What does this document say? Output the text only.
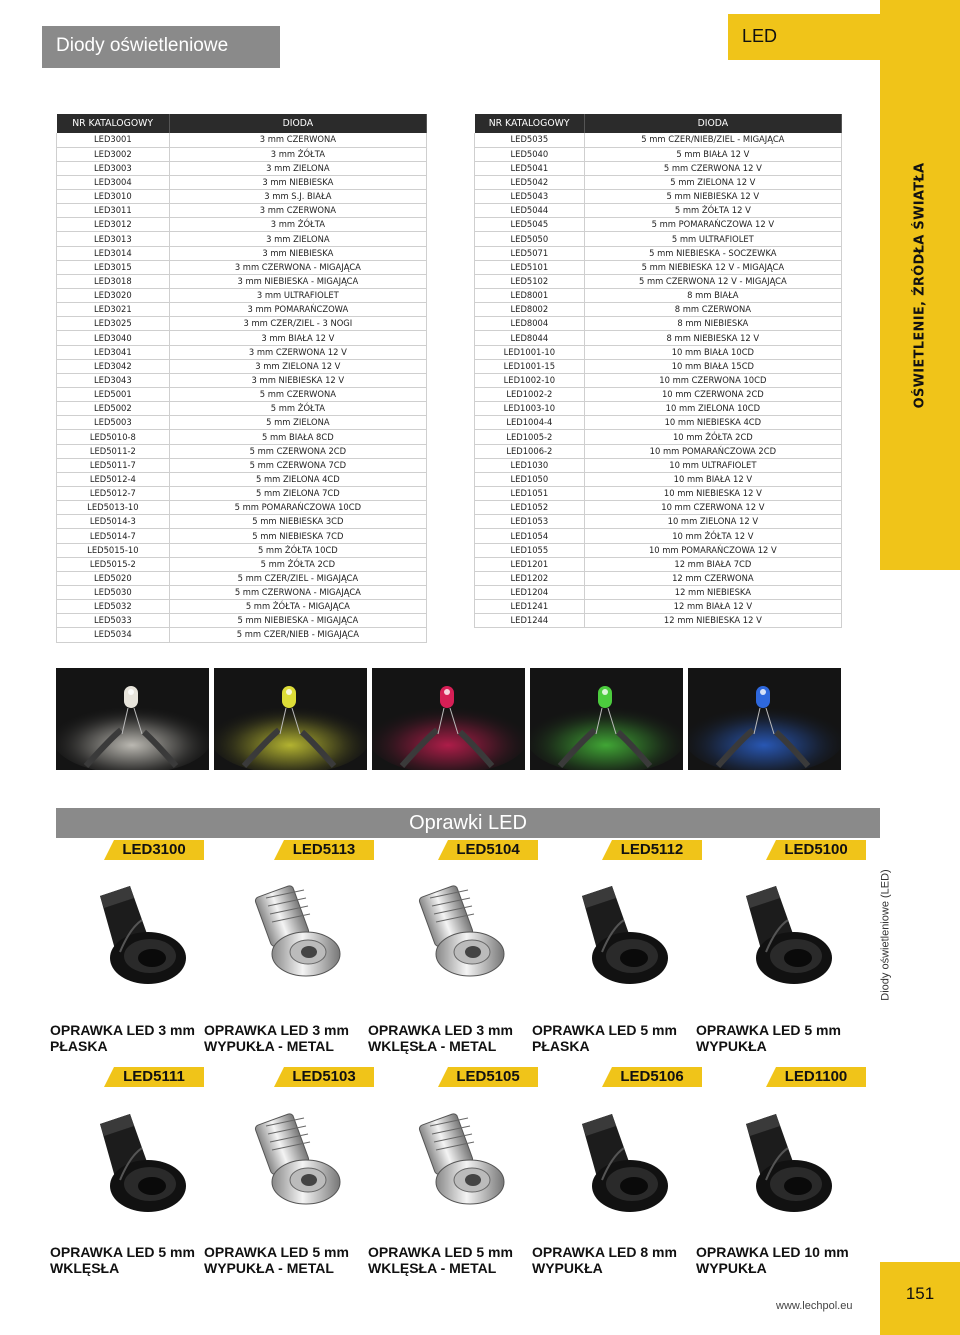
Diody oświetleniowe	LED
OŚWIETLENIE, ŹRÓDŁA ŚWIATŁA
NR KATALOGOWY	DIODA
LED3001	3 mm CZERWONA
LED3002	3 mm ŻÓŁTA
LED3003	3 mm ZIELONA
LED3004	3 mm NIEBIESKA
LED3010	3 mm S.J. BIAŁA
LED3011	3 mm CZERWONA
LED3012	3 mm ŻÓŁTA
LED3013	3 mm ZIELONA
LED3014	3 mm NIEBIESKA
LED3015	3 mm CZERWONA - MIGAJĄCA
LED3018	3 mm NIEBIESKA - MIGAJĄCA
LED3020	3 mm ULTRAFIOLET
LED3021	3 mm POMARAŃCZOWA
LED3025	3 mm CZER/ZIEL - 3 NOGI
LED3040	3 mm BIAŁA 12 V
LED3041	3 mm CZERWONA 12 V
LED3042	3 mm ZIELONA 12 V
LED3043	3 mm NIEBIESKA 12 V
LED5001	5 mm CZERWONA
LED5002	5 mm ŻÓŁTA
LED5003	5 mm ZIELONA
LED5010-8	5 mm BIAŁA 8CD
LED5011-2	5 mm CZERWONA 2CD
LED5011-7	5 mm CZERWONA 7CD
LED5012-4	5 mm ZIELONA 4CD
LED5012-7	5 mm ZIELONA 7CD
LED5013-10	5 mm POMARAŃCZOWA 10CD
LED5014-3	5 mm NIEBIESKA 3CD
LED5014-7	5 mm NIEBIESKA 7CD
LED5015-10	5 mm ŻÓŁTA 10CD
LED5015-2	5 mm ŻÓŁTA 2CD
LED5020	5 mm CZER/ZIEL - MIGAJĄCA
LED5030	5 mm CZERWONA - MIGAJĄCA
LED5032	5 mm ŻÓŁTA - MIGAJĄCA
LED5033	5 mm NIEBIESKA - MIGAJĄCA
LED5034	5 mm CZER/NIEB - MIGAJĄCA
NR KATALOGOWY	DIODA
LED5035	5 mm CZER/NIEB/ZIEL - MIGAJĄCA
LED5040	5 mm BIAŁA 12 V
LED5041	5 mm CZERWONA 12 V
LED5042	5 mm ZIELONA 12 V
LED5043	5 mm NIEBIESKA 12 V
LED5044	5 mm ŻÓŁTA 12 V
LED5045	5 mm POMARAŃCZOWA 12 V
LED5050	5 mm ULTRAFIOLET
LED5071	5 mm NIEBIESKA - SOCZEWKA
LED5101	5 mm NIEBIESKA 12 V - MIGAJĄCA
LED5102	5 mm CZERWONA 12 V - MIGAJĄCA
LED8001	8 mm BIAŁA
LED8002	8 mm CZERWONA
LED8004	8 mm NIEBIESKA
LED8044	8 mm NIEBIESKA 12 V
LED1001-10	10 mm BIAŁA 10CD
LED1001-15	10 mm BIAŁA 15CD
LED1002-10	10 mm CZERWONA 10CD
LED1002-2	10 mm CZERWONA 2CD
LED1003-10	10 mm ZIELONA 10CD
LED1004-4	10 mm NIEBIESKA 4CD
LED1005-2	10 mm ŻÓŁTA 2CD
LED1006-2	10 mm POMARAŃCZOWA 2CD
LED1030	10 mm ULTRAFIOLET
LED1050	10 mm BIAŁA 12 V
LED1051	10 mm NIEBIESKA 12 V
LED1052	10 mm CZERWONA 12 V
LED1053	10 mm ZIELONA 12 V
LED1054	10 mm ŻÓŁTA 12 V
LED1055	10 mm POMARAŃCZOWA 12 V
LED1201	12 mm BIAŁA 7CD
LED1202	12 mm CZERWONA
LED1204	12 mm NIEBIESKA
LED1241	12 mm BIAŁA 12 V
LED1244	12 mm NIEBIESKA 12 V
Oprawki LED
Diody oświetleniowe (LED)
LED3100
OPRAWKA LED 3 mm
PŁASKA
LED5113
OPRAWKA LED 3 mm
WYPUKŁA - METAL
LED5104
OPRAWKA LED 3 mm
WKLĘSŁA - METAL
LED5112
OPRAWKA LED 5 mm
PŁASKA
LED5100
OPRAWKA LED 5 mm
WYPUKŁA
LED5111
OPRAWKA LED 5 mm
WKLĘSŁA
LED5103
OPRAWKA LED 5 mm
WYPUKŁA - METAL
LED5105
OPRAWKA LED 5 mm
WKLĘSŁA - METAL
LED5106
OPRAWKA LED 8 mm
WYPUKŁA
LED1100
OPRAWKA LED 10 mm
WYPUKŁA
www.lechpol.eu
151
